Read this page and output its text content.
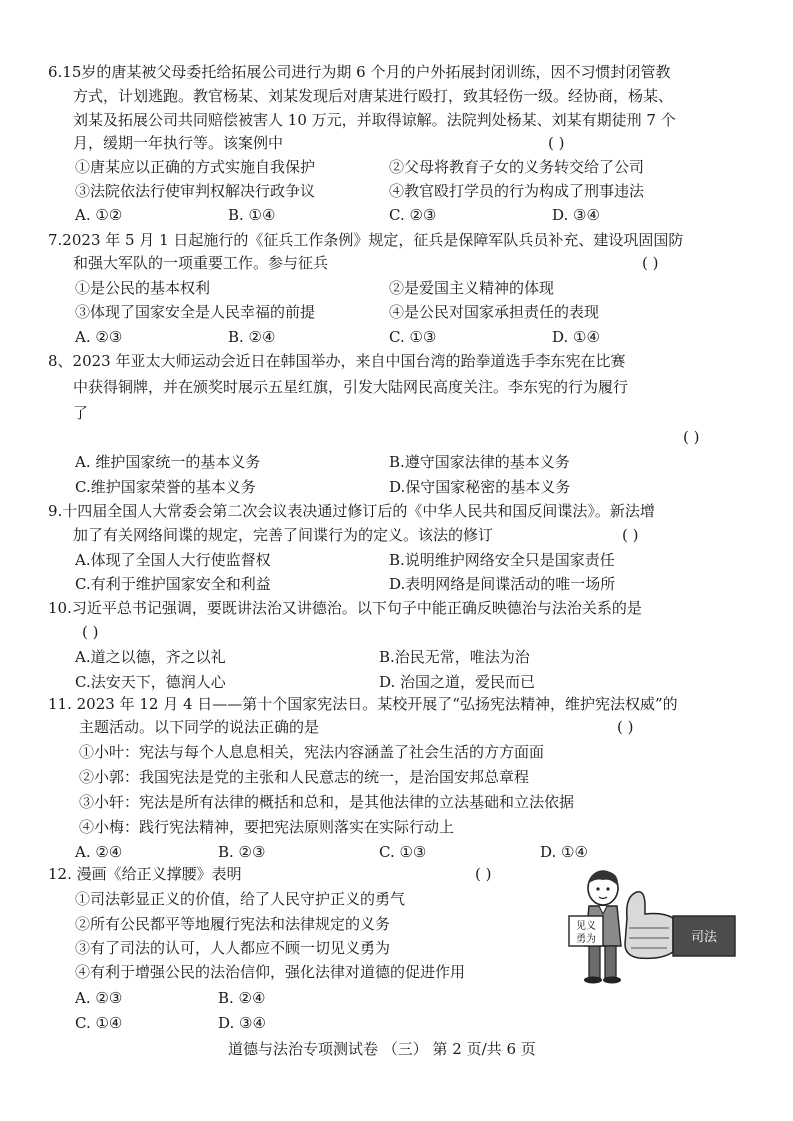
6.15岁的唐某被父母委托给拓展公司进行为期 6 个月的户外拓展封闭训练，因不习惯封闭管教
方式，计划逃跑。教官杨某、刘某发现后对唐某进行殴打，致其轻伤一级。经协商，杨某、
刘某及拓展公司共同赔偿被害人 10 万元，并取得谅解。法院判处杨某、刘某有期徒刑 7 个
月，缓期一年执行等。该案例中	( )
①唐某应以正确的方式实施自我保护	②父母将教育子女的义务转交给了公司
③法院依法行使审判权解决行政争议	④教官殴打学员的行为构成了刑事违法
A. ①②	B. ①④	C. ②③	D. ③④
7.2023 年 5 月 1 日起施行的《征兵工作条例》规定，征兵是保障军队兵员补充、建设巩固国防
和强大军队的一项重要工作。参与征兵	( )
①是公民的基本权利	②是爱国主义精神的体现
③体现了国家安全是人民幸福的前提	④是公民对国家承担责任的表现
A. ②③	B. ②④	C. ①③	D. ①④
8、2023 年亚太大师运动会近日在韩国举办，来自中国台湾的跆拳道选手李东宪在比赛
中获得铜牌，并在颁奖时展示五星红旗，引发大陆网民高度关注。李东宪的行为履行
了
( )
A. 维护国家统一的基本义务	B.遵守国家法律的基本义务
C.维护国家荣誉的基本义务	D.保守国家秘密的基本义务
9.十四届全国人大常委会第二次会议表决通过修订后的《中华人民共和国反间谍法》。新法增
加了有关网络间谍的规定，完善了间谍行为的定义。该法的修订	( )
A.体现了全国人大行使监督权	B.说明维护网络安全只是国家责任
C.有利于维护国家安全和利益	D.表明网络是间谍活动的唯一场所
10.习近平总书记强调，要既讲法治又讲德治。以下句子中能正确反映德治与法治关系的是
( )
A.道之以德，齐之以礼	B.治民无常，唯法为治
C.法安天下，德润人心	D. 治国之道，爱民而已
11. 2023 年 12 月 4 日——第十个国家宪法日。某校开展了“弘扬宪法精神，维护宪法权威”的
主题活动。以下同学的说法正确的是	( )
①小叶：宪法与每个人息息相关，宪法内容涵盖了社会生活的方方面面
②小郭：我国宪法是党的主张和人民意志的统一，是治国安邦总章程
③小轩：宪法是所有法律的概括和总和，是其他法律的立法基础和立法依据
④小梅：践行宪法精神，要把宪法原则落实在实际行动上
A. ②④	B. ②③	C. ①③	D. ①④
12. 漫画《给正义撑腰》表明	( )
①司法彰显正义的价值，给了人民守护正义的勇气
②所有公民都平等地履行宪法和法律规定的义务
③有了司法的认可，人人都应不顾一切见义勇为
④有利于增强公民的法治信仰，强化法律对道德的促进作用
A. ②③	B. ②④
C. ①④	D. ③④
见义
勇为	司法
道德与法治专项测试卷 （三） 第 2 页/共 6 页
